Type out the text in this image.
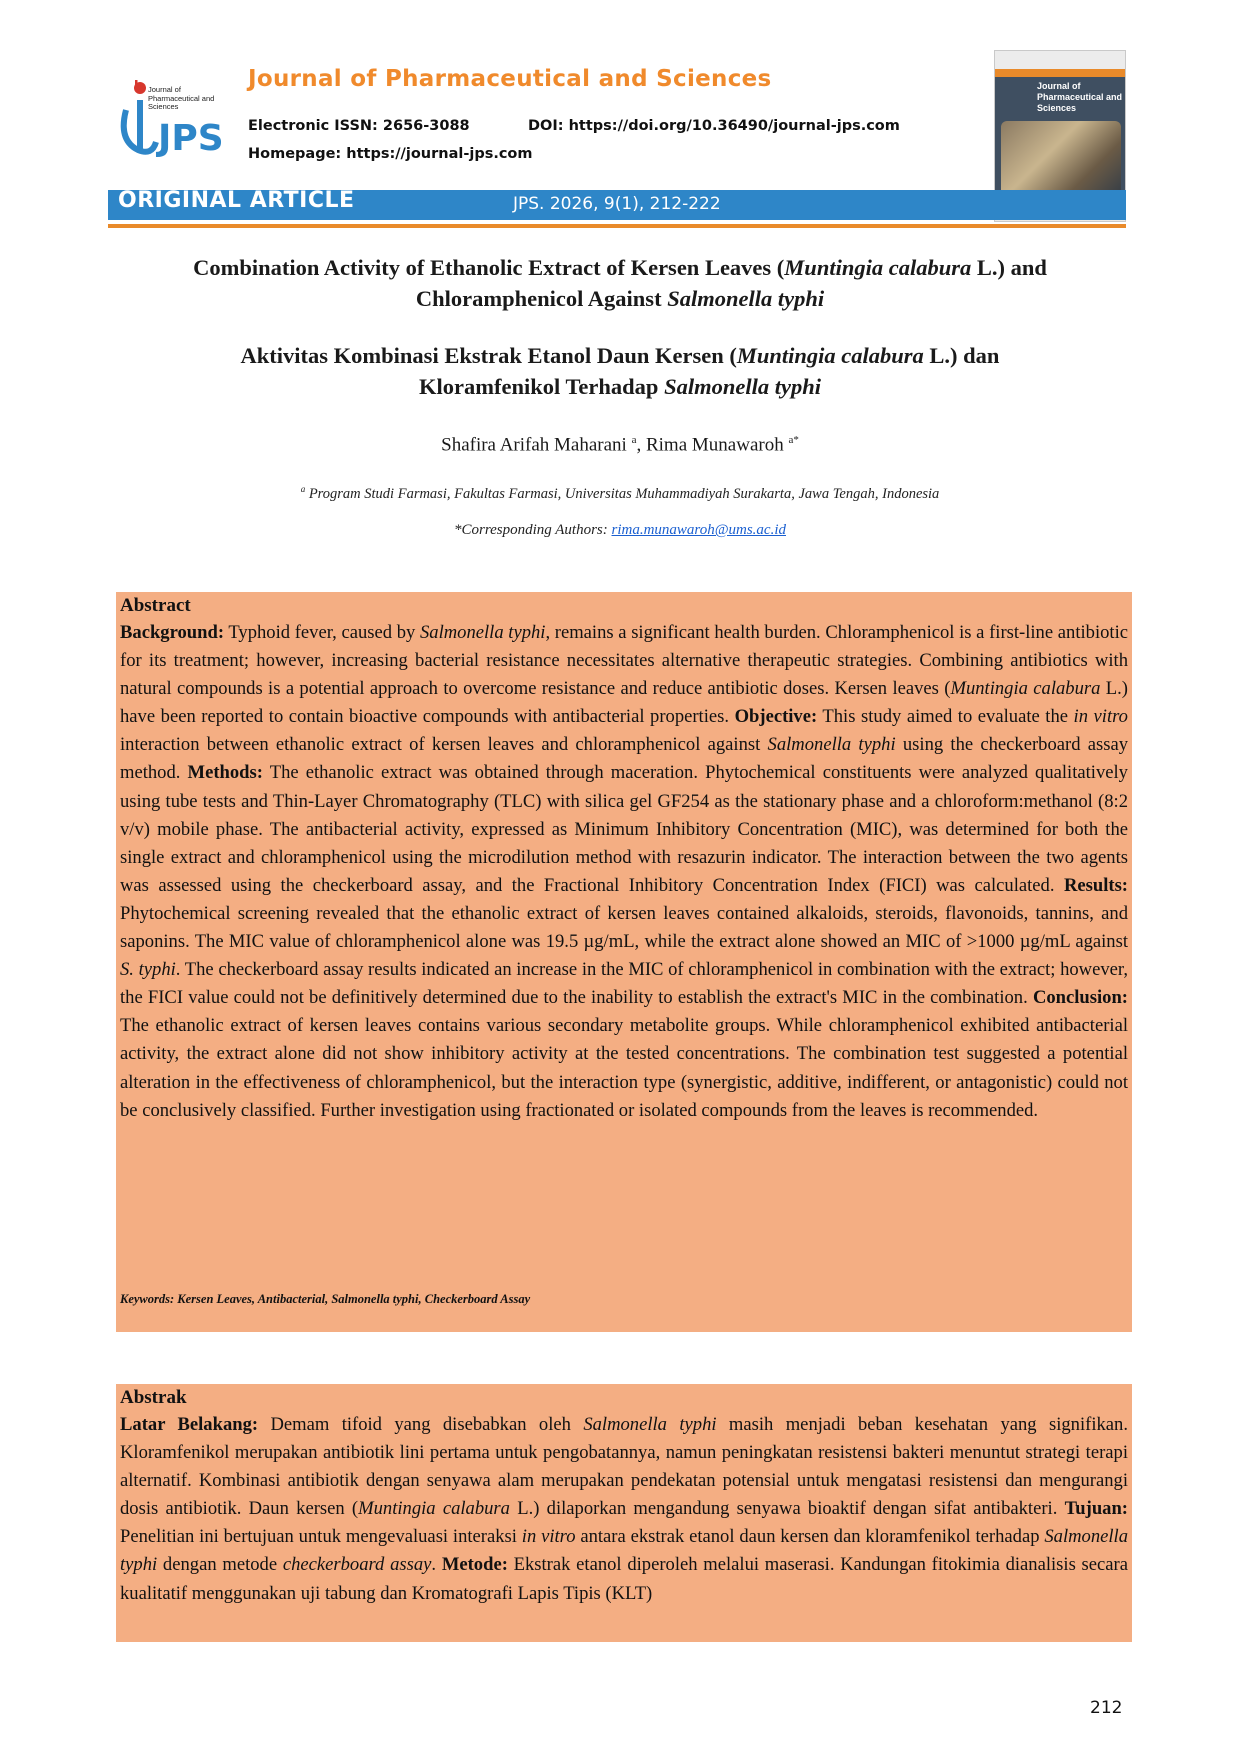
JPS
Journal of Pharmaceutical and Sciences
Journal of Pharmaceutical and Sciences
Electronic ISSN: 2656-3088	DOI: https://doi.org/10.36490/journal-jps.com
Homepage: https://journal-jps.com
Journal of Pharmaceutical and Sciences
ORIGINAL ARTICLE	JPS. 2026, 9(1), 212-222
Combination Activity of Ethanolic Extract of Kersen Leaves (Muntingia calabura L.) and
Chloramphenicol Against Salmonella typhi
Aktivitas Kombinasi Ekstrak Etanol Daun Kersen (Muntingia calabura L.) dan
Kloramfenikol Terhadap Salmonella typhi
Shafira Arifah Maharani $^a$, Rima Munawaroh $^{a*}$
$^a$ Program Studi Farmasi, Fakultas Farmasi, Universitas Muhammadiyah Surakarta, Jawa Tengah, Indonesia
*Corresponding Authors: rima.munawaroh@ums.ac.id
Abstract

Background: Typhoid fever, caused by Salmonella typhi, remains a significant health burden. Chloramphenicol is a first-line antibiotic for its treatment; however, increasing bacterial resistance necessitates alternative therapeutic strategies. Combining antibiotics with natural compounds is a potential approach to overcome resistance and reduce antibiotic doses. Kersen leaves (Muntingia calabura L.) have been reported to contain bioactive compounds with antibacterial properties. Objective: This study aimed to evaluate the in vitro interaction between ethanolic extract of kersen leaves and chloramphenicol against Salmonella typhi using the checkerboard assay method. Methods: The ethanolic extract was obtained through maceration. Phytochemical constituents were analyzed qualitatively using tube tests and Thin-Layer Chromatography (TLC) with silica gel GF254 as the stationary phase and a chloroform:methanol (8:2 v/v) mobile phase. The antibacterial activity, expressed as Minimum Inhibitory Concentration (MIC), was determined for both the single extract and chloramphenicol using the microdilution method with resazurin indicator. The interaction between the two agents was assessed using the checkerboard assay, and the Fractional Inhibitory Concentration Index (FICI) was calculated. Results: Phytochemical screening revealed that the ethanolic extract of kersen leaves contained alkaloids, steroids, flavonoids, tannins, and saponins. The MIC value of chloramphenicol alone was 19.5 µg/mL, while the extract alone showed an MIC of >1000 µg/mL against S. typhi. The checkerboard assay results indicated an increase in the MIC of chloramphenicol in combination with the extract; however, the FICI value could not be definitively determined due to the inability to establish the extract's MIC in the combination. Conclusion: The ethanolic extract of kersen leaves contains various secondary metabolite groups. While chloramphenicol exhibited antibacterial activity, the extract alone did not show inhibitory activity at the tested concentrations. The combination test suggested a potential alteration in the effectiveness of chloramphenicol, but the interaction type (synergistic, additive, indifferent, or antagonistic) could not be conclusively classified. Further investigation using fractionated or isolated compounds from the leaves is recommended.

Keywords: Kersen Leaves, Antibacterial, Salmonella typhi, Checkerboard Assay
Abstrak

Latar Belakang: Demam tifoid yang disebabkan oleh Salmonella typhi masih menjadi beban kesehatan yang signifikan. Kloramfenikol merupakan antibiotik lini pertama untuk pengobatannya, namun peningkatan resistensi bakteri menuntut strategi terapi alternatif. Kombinasi antibiotik dengan senyawa alam merupakan pendekatan potensial untuk mengatasi resistensi dan mengurangi dosis antibiotik. Daun kersen (Muntingia calabura L.) dilaporkan mengandung senyawa bioaktif dengan sifat antibakteri. Tujuan: Penelitian ini bertujuan untuk mengevaluasi interaksi in vitro antara ekstrak etanol daun kersen dan kloramfenikol terhadap Salmonella typhi dengan metode checkerboard assay. Metode: Ekstrak etanol diperoleh melalui maserasi. Kandungan fitokimia dianalisis secara kualitatif menggunakan uji tabung dan Kromatografi Lapis Tipis (KLT)

212
